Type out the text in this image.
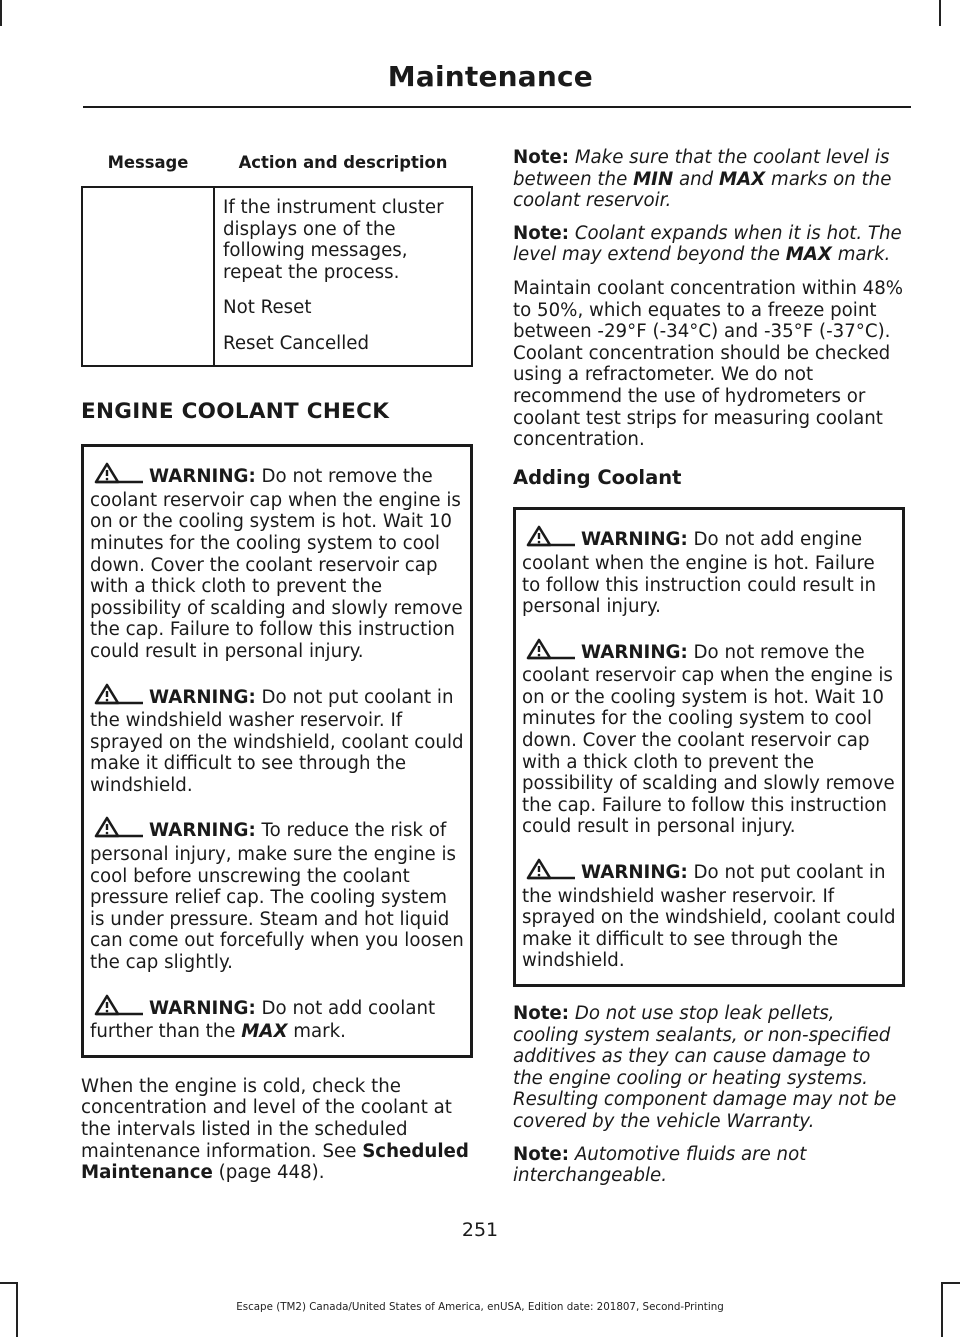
Maintenance
Message	Action and description

	If the instrument cluster displays one of the following messages, repeat the process.

Not Reset

Reset Cancelled

ENGINE COOLANT CHECK
WARNING: Do not remove the coolant reservoir cap when the engine is on or the cooling system is hot. Wait 10 minutes for the cooling system to cool down. Cover the coolant reservoir cap with a thick cloth to prevent the possibility of scalding and slowly remove the cap. Failure to follow this instruction could result in personal injury.
WARNING: Do not put coolant in the windshield washer reservoir. If sprayed on the windshield, coolant could make it difficult to see through the windshield.
WARNING: To reduce the risk of personal injury, make sure the engine is cool before unscrewing the coolant pressure relief cap. The cooling system is under pressure. Steam and hot liquid can come out forcefully when you loosen the cap slightly.
WARNING: Do not add coolant further than the MAX mark.

When the engine is cold, check the concentration and level of the coolant at the intervals listed in the scheduled maintenance information. See Scheduled Maintenance (page 448).

Note: Make sure that the coolant level is between the MIN and MAX marks on the coolant reservoir.

Note: Coolant expands when it is hot. The level may extend beyond the MAX mark.

Maintain coolant concentration within 48% to 50%, which equates to a freeze point between -29°F (-34°C) and -35°F (-37°C). Coolant concentration should be checked using a refractometer. We do not recommend the use of hydrometers or coolant test strips for measuring coolant concentration.

Adding Coolant
WARNING: Do not add engine coolant when the engine is hot. Failure to follow this instruction could result in personal injury.
WARNING: Do not remove the coolant reservoir cap when the engine is on or the cooling system is hot. Wait 10 minutes for the cooling system to cool down. Cover the coolant reservoir cap with a thick cloth to prevent the possibility of scalding and slowly remove the cap. Failure to follow this instruction could result in personal injury.
WARNING: Do not put coolant in the windshield washer reservoir. If sprayed on the windshield, coolant could make it difficult to see through the windshield.

Note: Do not use stop leak pellets, cooling system sealants, or non-specified additives as they can cause damage to the engine cooling or heating systems. Resulting component damage may not be covered by the vehicle Warranty.

Note: Automotive fluids are not interchangeable.

251
Escape (TM2) Canada/United States of America, enUSA, Edition date: 201807, Second-Printing
